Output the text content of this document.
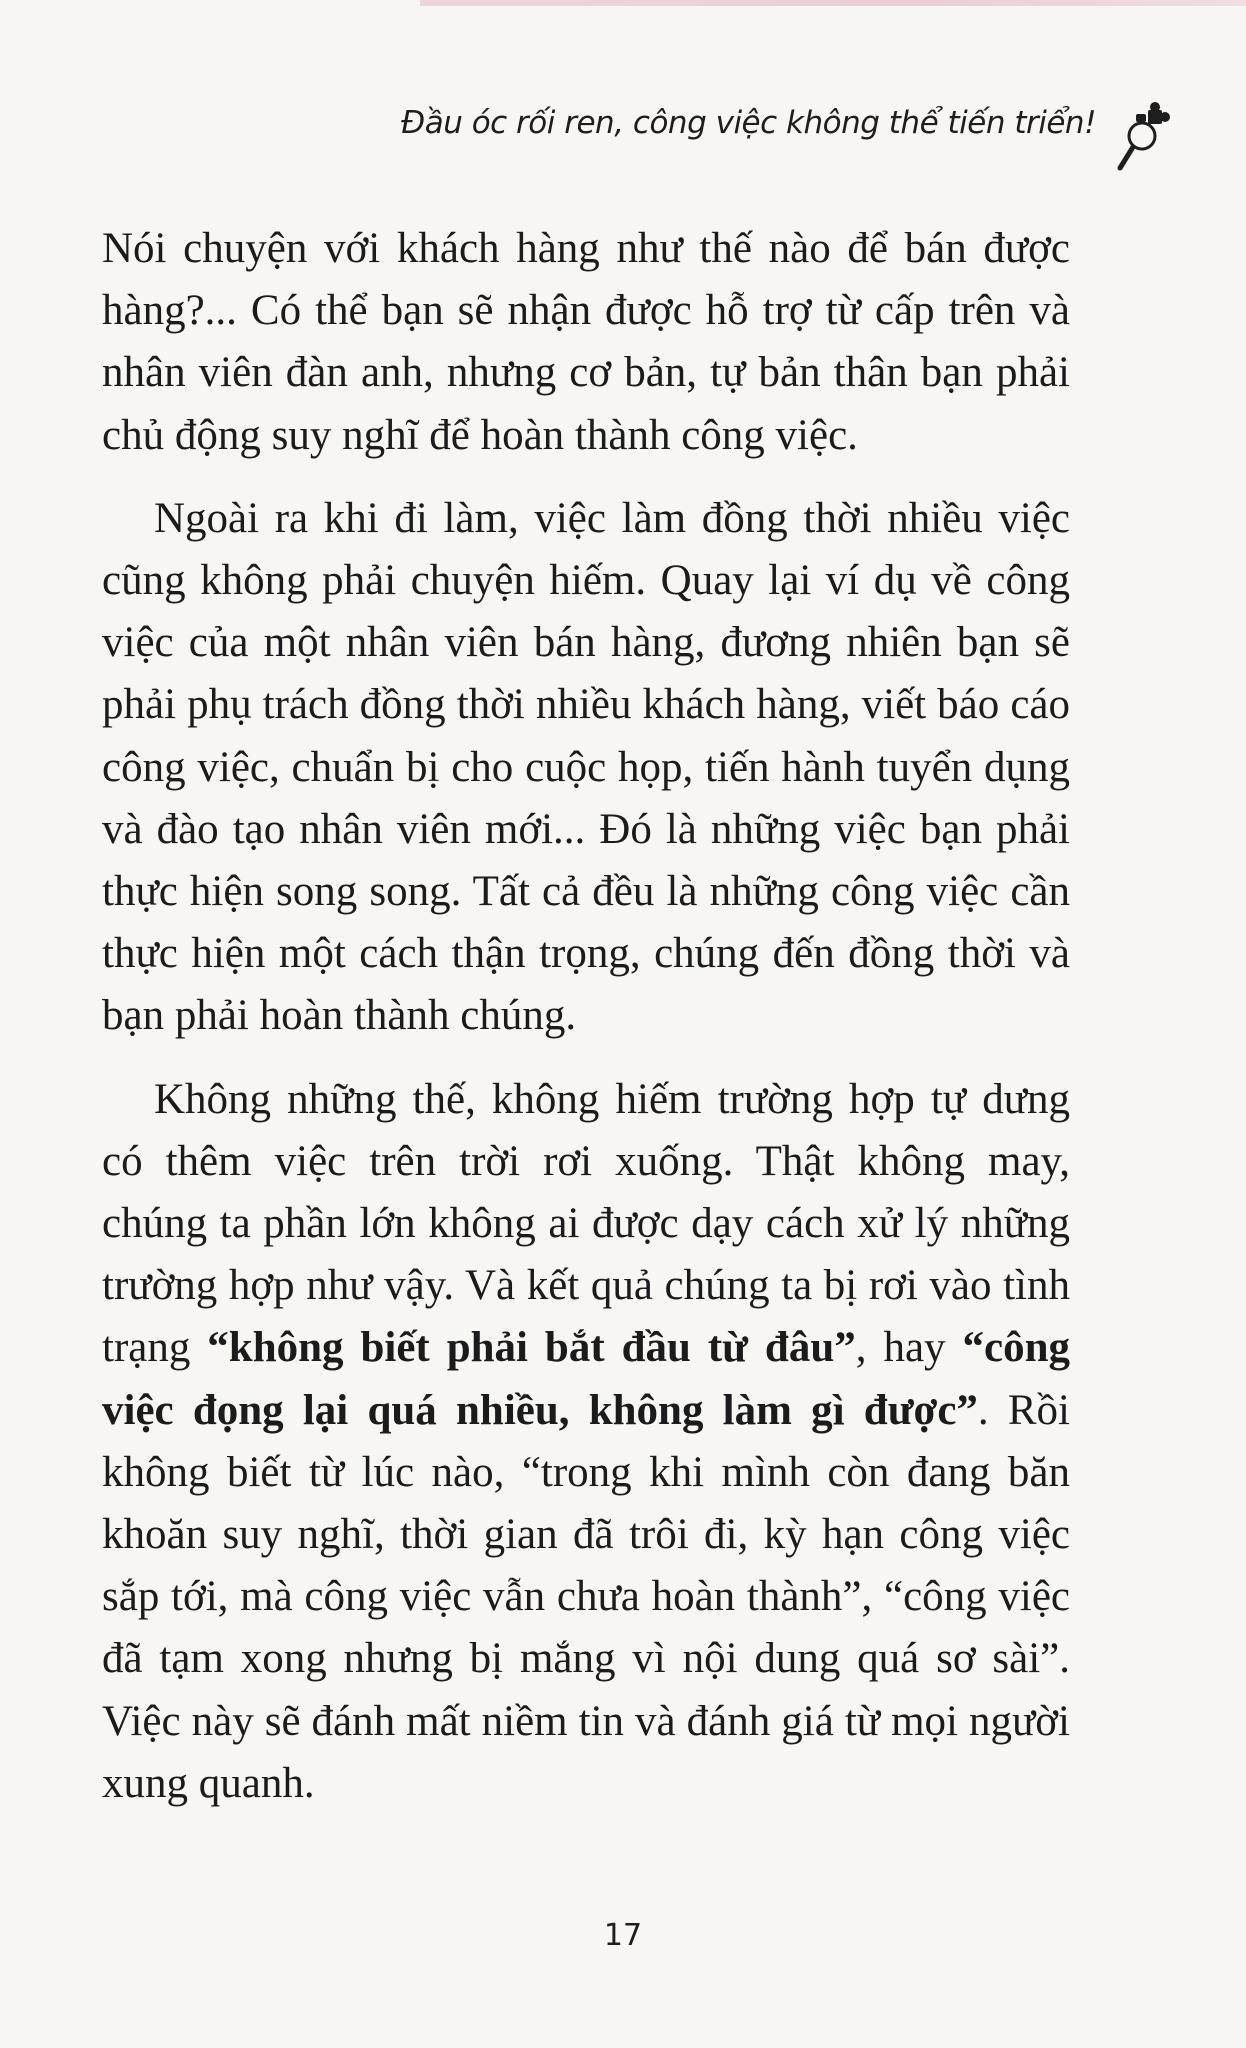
Đầu óc rối ren, công việc không thể tiến triển!

Nói chuyện với khách hàng như thế nào để bán được hàng?... Có thể bạn sẽ nhận được hỗ trợ từ cấp trên và nhân viên đàn anh, nhưng cơ bản, tự bản thân bạn phải chủ động suy nghĩ để hoàn thành công việc.

Ngoài ra khi đi làm, việc làm đồng thời nhiều việc cũng không phải chuyện hiếm. Quay lại ví dụ về công việc của một nhân viên bán hàng, đương nhiên bạn sẽ phải phụ trách đồng thời nhiều khách hàng, viết báo cáo công việc, chuẩn bị cho cuộc họp, tiến hành tuyển dụng và đào tạo nhân viên mới... Đó là những việc bạn phải thực hiện song song. Tất cả đều là những công việc cần thực hiện một cách thận trọng, chúng đến đồng thời và bạn phải hoàn thành chúng.

Không những thế, không hiếm trường hợp tự dưng có thêm việc trên trời rơi xuống. Thật không may, chúng ta phần lớn không ai được dạy cách xử lý những trường hợp như vậy. Và kết quả chúng ta bị rơi vào tình trạng “không biết phải bắt đầu từ đâu”, hay “công việc đọng lại quá nhiều, không làm gì được”. Rồi không biết từ lúc nào, “trong khi mình còn đang băn khoăn suy nghĩ, thời gian đã trôi đi, kỳ hạn công việc sắp tới, mà công việc vẫn chưa hoàn thành”, “công việc đã tạm xong nhưng bị mắng vì nội dung quá sơ sài”. Việc này sẽ đánh mất niềm tin và đánh giá từ mọi người xung quanh.

17
